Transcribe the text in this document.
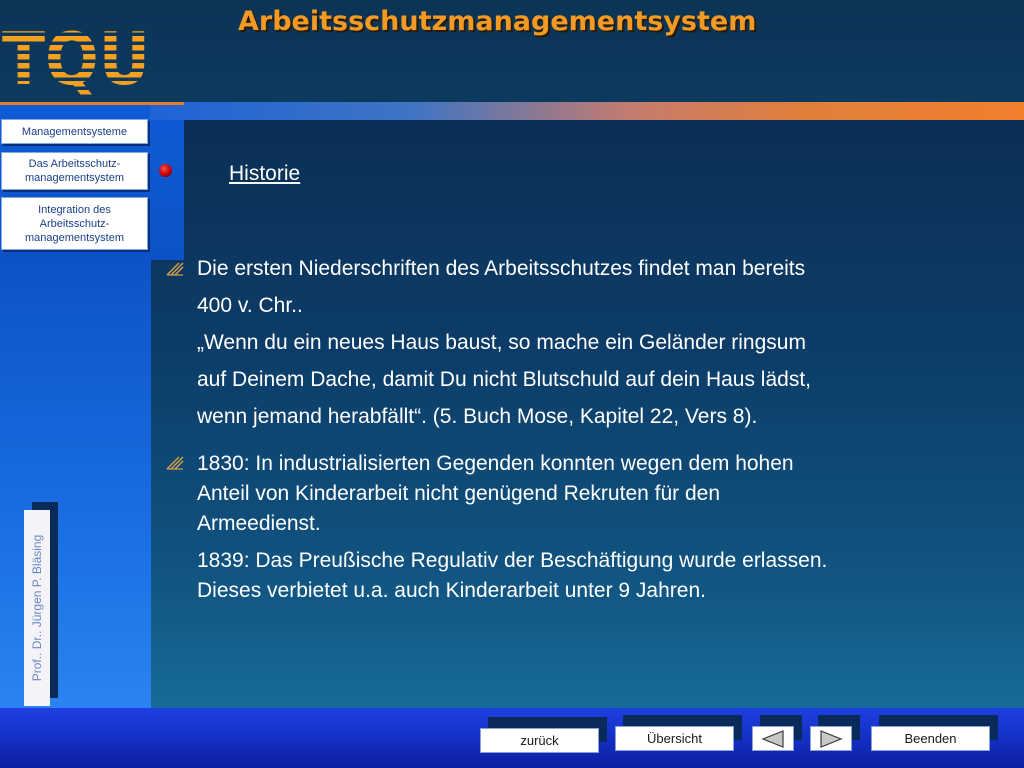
Arbeitsschutzmanagementsystem
Managementsysteme
Das Arbeitsschutz-
managementsystem
Integration des
Arbeitsschutz-
managementsystem
Prof.. Dr.. Jürgen P. Bläsing
Historie
Die ersten Niederschriften des Arbeitsschutzes findet man bereits
400 v. Chr..
„Wenn du ein neues Haus baust, so mache ein Geländer ringsum
auf Deinem Dache, damit Du nicht Blutschuld auf dein Haus lädst,
wenn jemand herabfällt“. (5. Buch Mose, Kapitel 22, Vers 8).
1830: In industrialisierten Gegenden konnten wegen dem hohen
Anteil von Kinderarbeit nicht genügend Rekruten für den
Armeedienst.
1839: Das Preußische Regulativ der Beschäftigung wurde erlassen.
Dieses verbietet u.a. auch Kinderarbeit unter 9 Jahren.
zurück	Übersicht	Beenden
